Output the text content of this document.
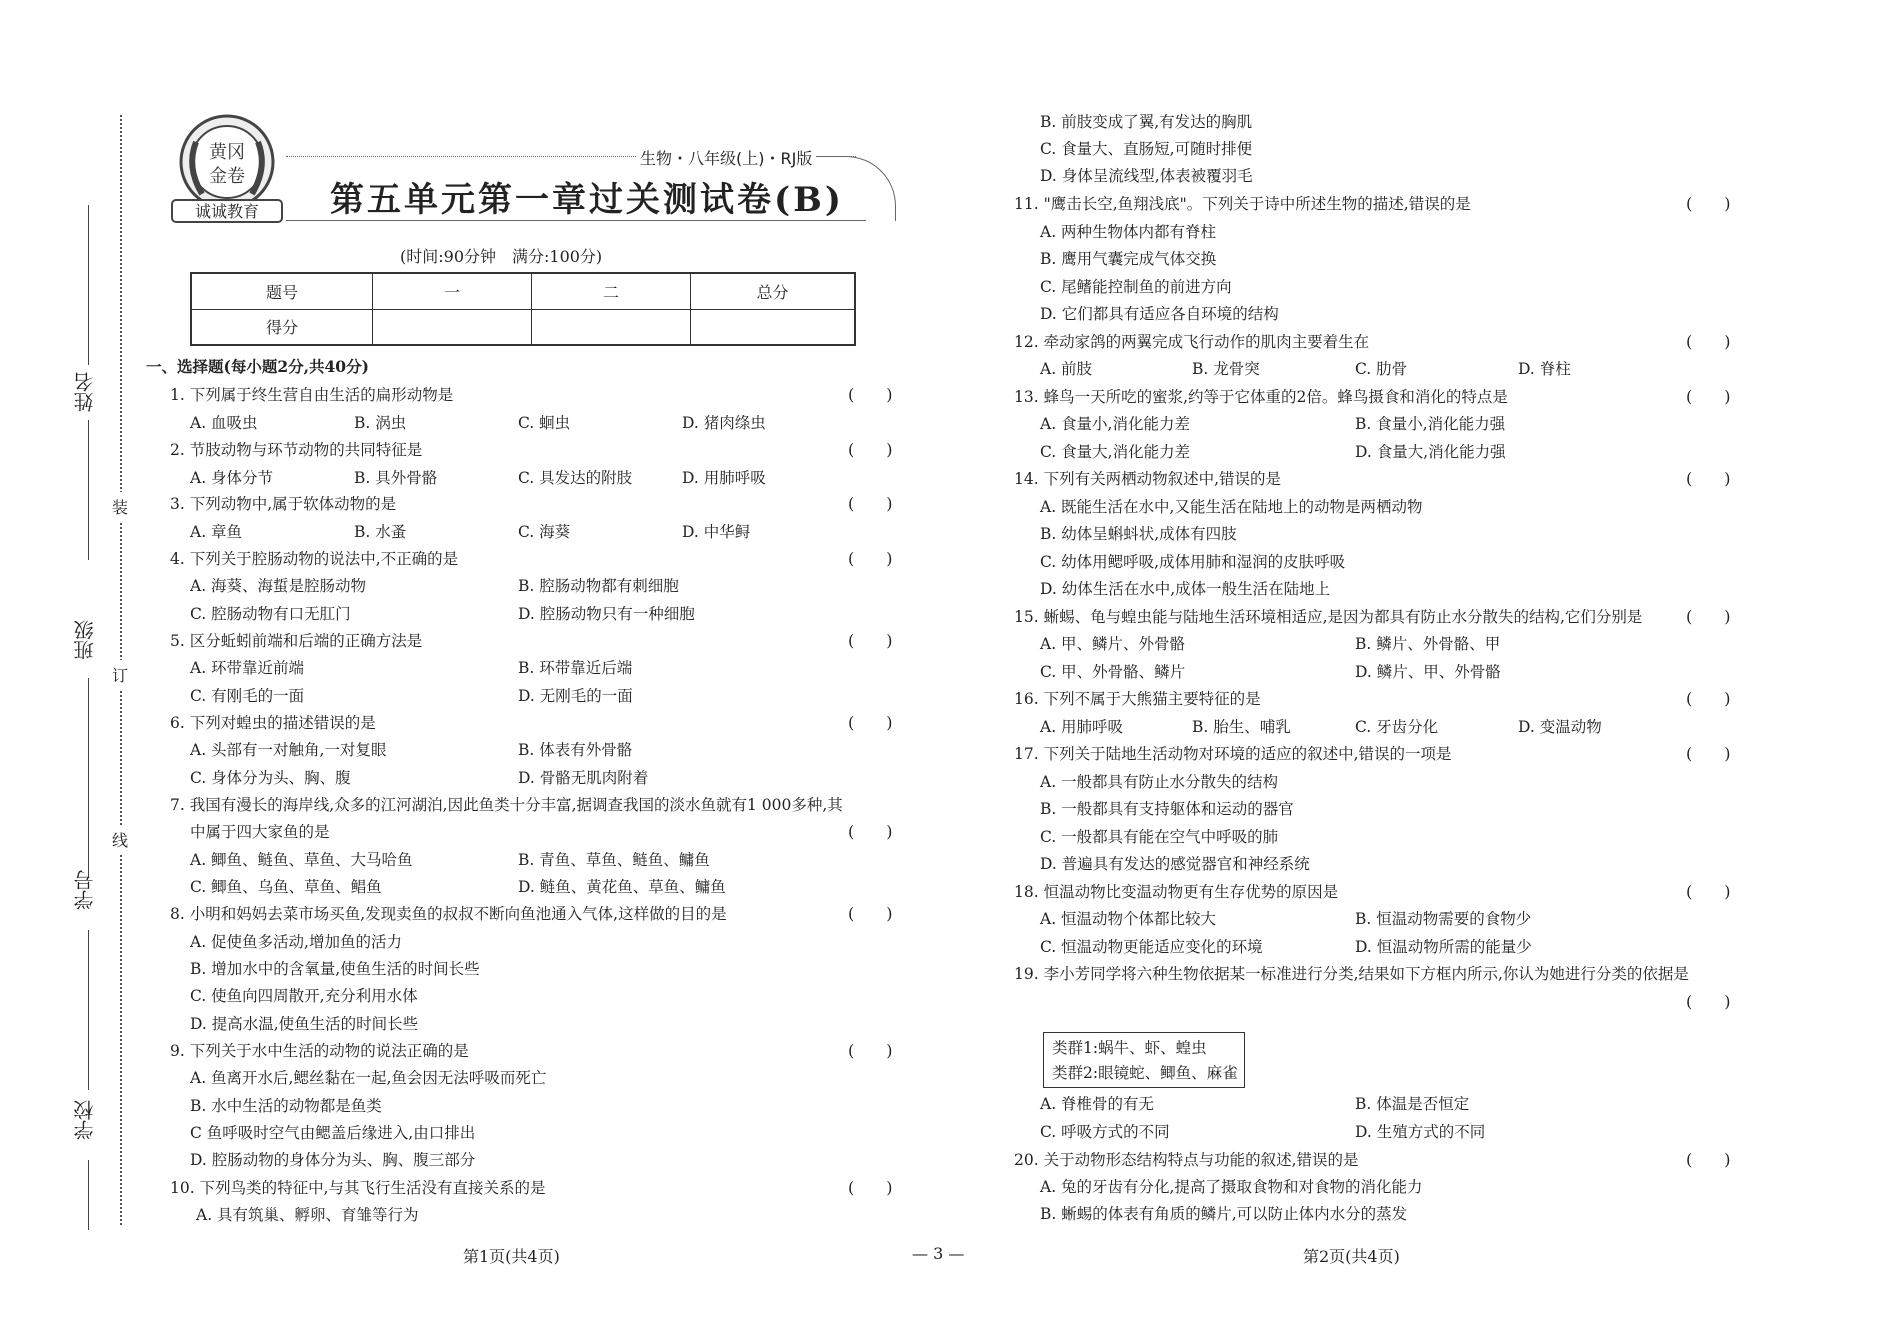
姓名
班级
学号
学校
装
订
线
黄冈
金卷
诚诚教育
生物・八年级(上)・RJ版
第五单元第一章过关测试卷(B)
(时间:90分钟　满分:100分)
题号	一	二	总分
得分			
一、选择题(每小题2分,共40分)
1. 下列属于终生营自由生活的扁形动物是	(　　)
A. 血吸虫	B. 涡虫	C. 蛔虫	D. 猪肉绦虫
2. 节肢动物与环节动物的共同特征是	(　　)
A. 身体分节	B. 具外骨骼	C. 具发达的附肢	D. 用肺呼吸
3. 下列动物中,属于软体动物的是	(　　)
A. 章鱼	B. 水蚤	C. 海葵	D. 中华鲟
4. 下列关于腔肠动物的说法中,不正确的是	(　　)
A. 海葵、海蜇是腔肠动物	B. 腔肠动物都有刺细胞
C. 腔肠动物有口无肛门	D. 腔肠动物只有一种细胞
5. 区分蚯蚓前端和后端的正确方法是	(　　)
A. 环带靠近前端	B. 环带靠近后端
C. 有刚毛的一面	D. 无刚毛的一面
6. 下列对蝗虫的描述错误的是	(　　)
A. 头部有一对触角,一对复眼	B. 体表有外骨骼
C. 身体分为头、胸、腹	D. 骨骼无肌肉附着
7. 我国有漫长的海岸线,众多的江河湖泊,因此鱼类十分丰富,据调查我国的淡水鱼就有1 000多种,其
中属于四大家鱼的是	(　　)
A. 鲫鱼、鲢鱼、草鱼、大马哈鱼	B. 青鱼、草鱼、鲢鱼、鳙鱼
C. 鲫鱼、乌鱼、草鱼、鲳鱼	D. 鲢鱼、黄花鱼、草鱼、鳙鱼
8. 小明和妈妈去菜市场买鱼,发现卖鱼的叔叔不断向鱼池通入气体,这样做的目的是	(　　)
A. 促使鱼多活动,增加鱼的活力
B. 增加水中的含氧量,使鱼生活的时间长些
C. 使鱼向四周散开,充分利用水体
D. 提高水温,使鱼生活的时间长些
9. 下列关于水中生活的动物的说法正确的是	(　　)
A. 鱼离开水后,鳃丝黏在一起,鱼会因无法呼吸而死亡
B. 水中生活的动物都是鱼类
C 鱼呼吸时空气由鳃盖后缘进入,由口排出
D. 腔肠动物的身体分为头、胸、腹三部分
10. 下列鸟类的特征中,与其飞行生活没有直接关系的是	(　　)
A. 具有筑巢、孵卵、育雏等行为
B. 前肢变成了翼,有发达的胸肌
C. 食量大、直肠短,可随时排便
D. 身体呈流线型,体表被覆羽毛
11. "鹰击长空,鱼翔浅底"。下列关于诗中所述生物的描述,错误的是	(　　)
A. 两种生物体内都有脊柱
B. 鹰用气囊完成气体交换
C. 尾鳍能控制鱼的前进方向
D. 它们都具有适应各自环境的结构
12. 牵动家鸽的两翼完成飞行动作的肌肉主要着生在	(　　)
A. 前肢	B. 龙骨突	C. 肋骨	D. 脊柱
13. 蜂鸟一天所吃的蜜浆,约等于它体重的2倍。蜂鸟摄食和消化的特点是	(　　)
A. 食量小,消化能力差	B. 食量小,消化能力强
C. 食量大,消化能力差	D. 食量大,消化能力强
14. 下列有关两栖动物叙述中,错误的是	(　　)
A. 既能生活在水中,又能生活在陆地上的动物是两栖动物
B. 幼体呈蝌蚪状,成体有四肢
C. 幼体用鳃呼吸,成体用肺和湿润的皮肤呼吸
D. 幼体生活在水中,成体一般生活在陆地上
15. 蜥蜴、龟与蝗虫能与陆地生活环境相适应,是因为都具有防止水分散失的结构,它们分别是	(　　)
A. 甲、鳞片、外骨骼	B. 鳞片、外骨骼、甲
C. 甲、外骨骼、鳞片	D. 鳞片、甲、外骨骼
16. 下列不属于大熊猫主要特征的是	(　　)
A. 用肺呼吸	B. 胎生、哺乳	C. 牙齿分化	D. 变温动物
17. 下列关于陆地生活动物对环境的适应的叙述中,错误的一项是	(　　)
A. 一般都具有防止水分散失的结构
B. 一般都具有支持躯体和运动的器官
C. 一般都具有能在空气中呼吸的肺
D. 普遍具有发达的感觉器官和神经系统
18. 恒温动物比变温动物更有生存优势的原因是	(　　)
A. 恒温动物个体都比较大	B. 恒温动物需要的食物少
C. 恒温动物更能适应变化的环境	D. 恒温动物所需的能量少
19. 李小芳同学将六种生物依据某一标准进行分类,结果如下方框内所示,你认为她进行分类的依据是
(　　)
类群1:蜗牛、虾、蝗虫
类群2:眼镜蛇、鲫鱼、麻雀
A. 脊椎骨的有无	B. 体温是否恒定
C. 呼吸方式的不同	D. 生殖方式的不同
20. 关于动物形态结构特点与功能的叙述,错误的是	(　　)
A. 兔的牙齿有分化,提高了摄取食物和对食物的消化能力
B. 蜥蜴的体表有角质的鳞片,可以防止体内水分的蒸发
第1页(共4页)	— 3 —	第2页(共4页)
